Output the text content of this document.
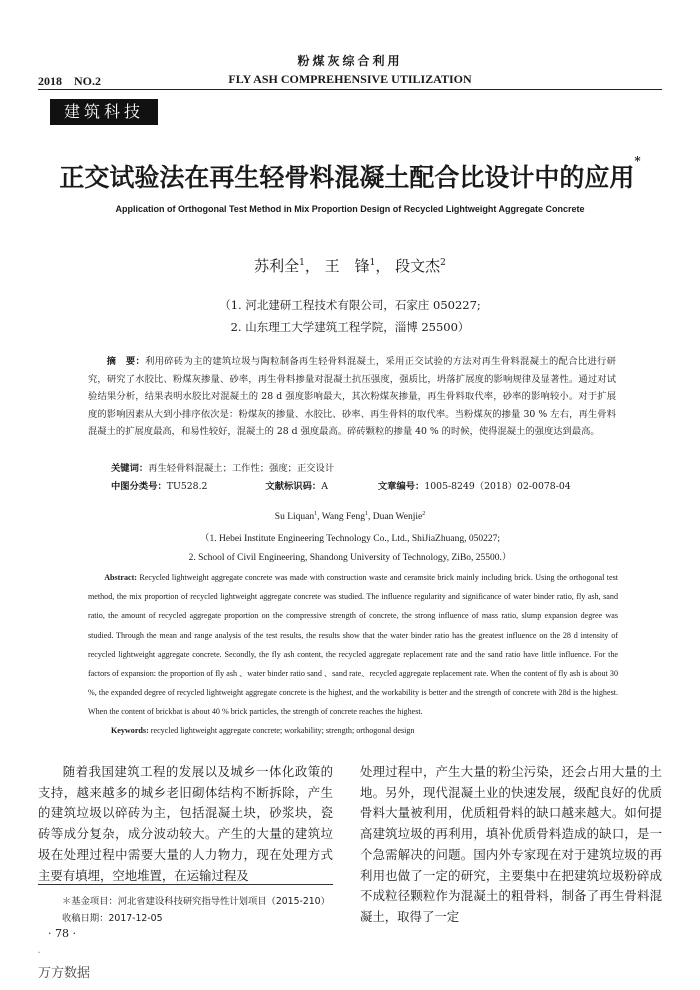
粉煤灰综合利用
2018　NO.2	FLY ASH COMPREHENSIVE UTILIZATION
建筑科技
正交试验法在再生轻骨料混凝土配合比设计中的应用*
Application of Orthogonal Test Method in Mix Proportion Design of Recycled Lightweight Aggregate Concrete
苏利全$^1$， 王　锋$^1$， 段文杰$^2$
（1. 河北建研工程技术有限公司，石家庄 050227;
2. 山东理工大学建筑工程学院，淄博 25500）
摘　要：利用碎砖为主的建筑垃圾与陶粒制备再生轻骨料混凝土，采用正交试验的方法对再生骨料混凝土的配合比进行研究，研究了水胶比、粉煤灰掺量、砂率，再生骨料掺量对混凝土抗压强度，强质比，坍落扩展度的影响规律及显著性。通过对试验结果分析，结果表明水胶比对混凝土的 28 d 强度影响最大，其次粉煤灰掺量，再生骨料取代率，砂率的影响较小。对于扩展度的影响因素从大到小排序依次是：粉煤灰的掺量、水胶比、砂率、再生骨料的取代率。当粉煤灰的掺量 30 % 左右，再生骨料混凝土的扩展度最高，和易性较好，混凝土的 28 d 强度最高。碎砖颗粒的掺量 40 % 的时候，使得混凝土的强度达到最高。
关键词：再生轻骨料混凝土；工作性；强度；正交设计
中图分类号：TU528.2	文献标识码：A	文章编号：1005-8249（2018）02-0078-04
Su Liquan$^1$, Wang Feng$^1$, Duan Wenjie$^2$
（1. Hebei Institute Engineering Technology Co., Ltd., ShiJiaZhuang, 050227;
2. School of Civil Engineering, Shandong University of Technology, ZiBo, 25500.）
Abstract: Recycled lightweight aggregate concrete was made with construction waste and ceramsite brick mainly including brick. Using the orthogonal test method, the mix proportion of recycled lightweight aggregate concrete was studied. The influence regularity and significance of water binder ratio, fly ash, sand ratio, the amount of recycled aggregate proportion on the compressive strength of concrete, the strong influence of mass ratio, slump expansion degree was studied. Through the mean and range analysis of the test results, the results show that the water binder ratio has the greatest influence on the 28 d intensity of recycled lightweight aggregate concrete. Secondly, the fly ash content, the recycled aggregate replacement rate and the sand ratio have little influence. For the factors of expansion: the proportion of fly ash 、water binder ratio sand 、sand rate、recycled aggregate replacement rate. When the content of fly ash is about 30 %, the expanded degree of recycled lightweight aggregate concrete is the highest, and the workability is better and the strength of concrete with 28d is the highest. When the content of brickbat is about 40 % brick particles, the strength of concrete reaches the highest.
Keywords: recycled lightweight aggregate concrete; workability; strength; orthogonal design
随着我国建筑工程的发展以及城乡一体化政策的支持，越来越多的城乡老旧砌体结构不断拆除，产生的建筑垃圾以碎砖为主，包括混凝土块，砂浆块，瓷砖等成分复杂，成分波动较大。产生的大量的建筑垃圾在处理过程中需要大量的人力物力，现在处理方式主要有填埋，空地堆置，在运输过程及
处理过程中，产生大量的粉尘污染，还会占用大量的土地。另外，现代混凝土业的快速发展，级配良好的优质骨料大量被利用，优质粗骨料的缺口越来越大。如何提高建筑垃圾的再利用，填补优质骨料造成的缺口，是一个急需解决的问题。国内外专家现在对于建筑垃圾的再利用也做了一定的研究，主要集中在把建筑垃圾粉碎成不成粒径颗粒作为混凝土的粗骨料，制备了再生骨料混凝土，取得了一定
＊基金项目：河北省建设科技研究指导性计划项目（2015-210）
收稿日期：2017-12-05
· 78 ·
˙
万方数据
